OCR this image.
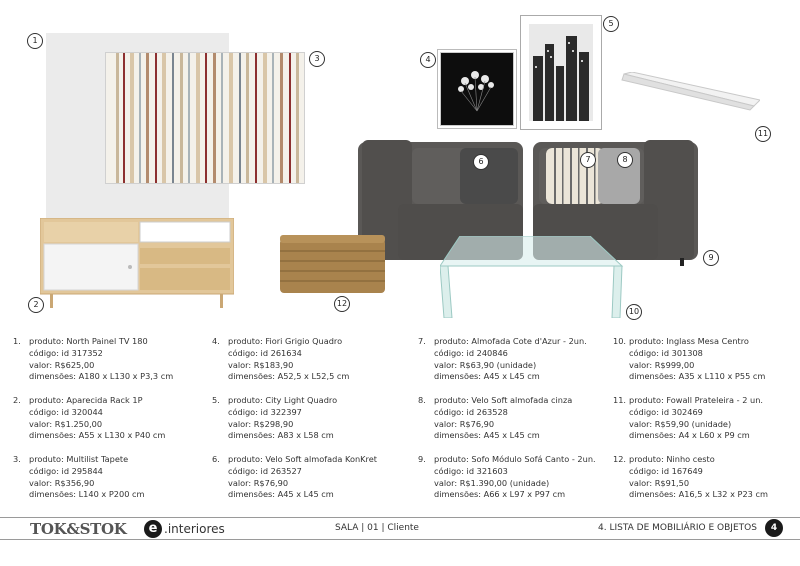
1
2
3	4
5
6	7	8
9
10
11
12
1. produto: North Painel TV 180
código: id 317352
valor: R$625,00
dimensões: A180 x L130 x P3,3 cm
2. produto: Aparecida Rack 1P
código: id 320044
valor: R$1.250,00
dimensões: A55 x L130 x P40 cm
3. produto: Multilist Tapete
código: id 295844
valor: R$356,90
dimensões: L140 x P200 cm
4. produto: Fiori Grigio Quadro
código: id 261634
valor: R$183,90
dimensões: A52,5 x L52,5 cm
5. produto: City Light Quadro
código: id 322397
valor: R$298,90
dimensões: A83 x L58 cm
6. produto: Velo Soft almofada KonKret
código: id 263527
valor: R$76,90
dimensões: A45 x L45 cm
7. produto: Almofada Cote d'Azur - 2un.
código: id 240846
valor: R$63,90 (unidade)
dimensões: A45 x L45 cm
8. produto: Velo Soft almofada cinza
código: id 263528
valor: R$76,90
dimensões: A45 x L45 cm
9. produto: Sofo Módulo Sofá Canto - 2un.
código: id 321603
valor: R$1.390,00 (unidade)
dimensões: A66 x L97 x P97 cm
10. produto: Inglass Mesa Centro
código: id 301308
valor: R$999,00
dimensões: A35 x L110 x P55 cm
11. produto: Fowall Prateleira - 2 un.
código: id 302469
valor: R$59,90 (unidade)
dimensões: A4 x L60 x P9 cm
12. produto: Ninho cesto
código: id 167649
valor: R$91,50
dimensões: A16,5 x L32 x P23 cm
TOK&STOK	e .interiores	SALA | 01 | Cliente	4. LISTA DE MOBILIÁRIO E OBJETOS	4
